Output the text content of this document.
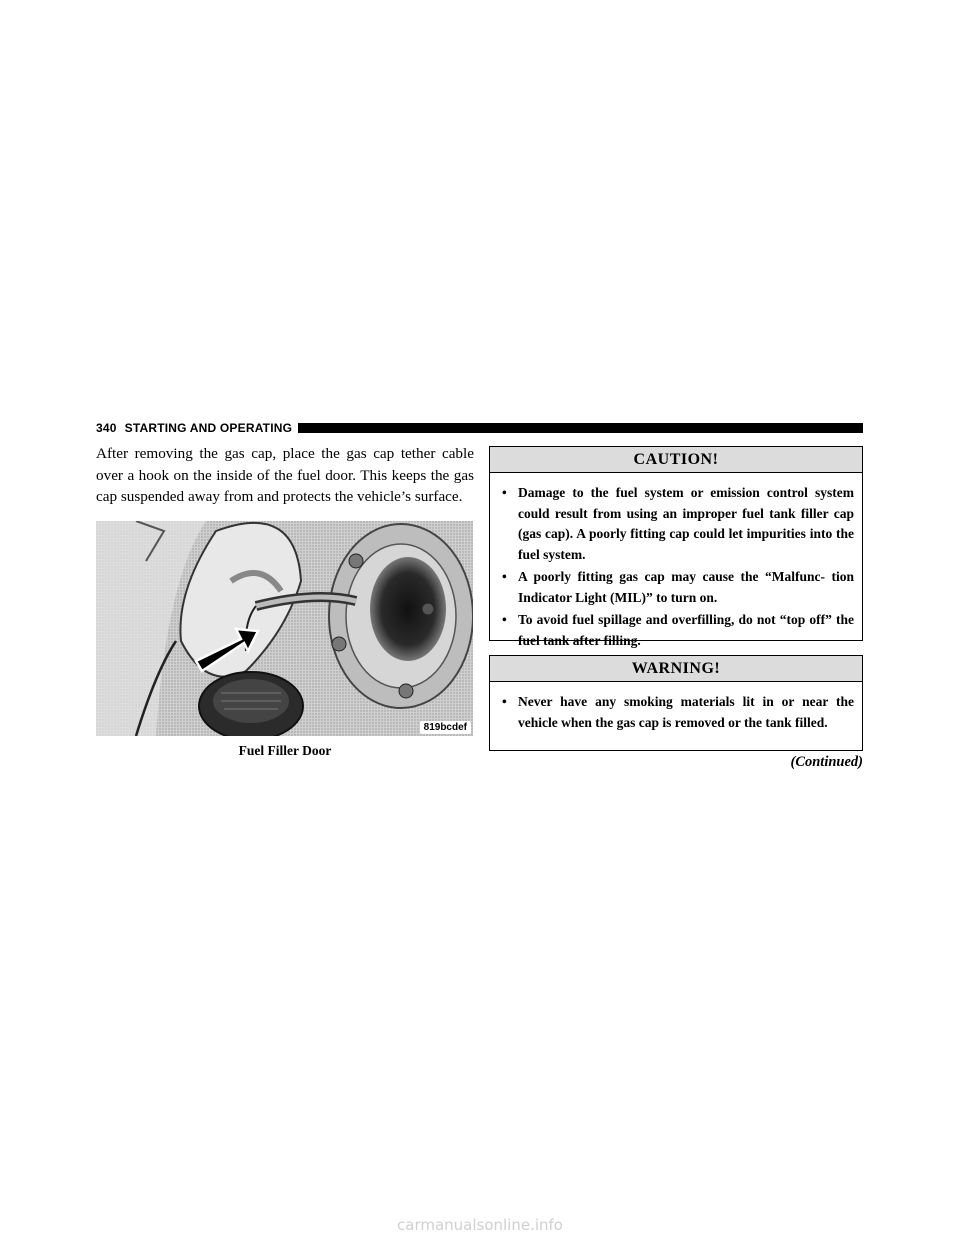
340 STARTING AND OPERATING

After removing the gas cap, place the gas cap tether cable over a hook on the inside of the fuel door. This keeps the gas cap suspended away from and protects the vehicle’s surface.

819bcdef
Fuel Filler Door
CAUTION!
• Damage to the fuel system or emission control system could result from using an improper fuel tank filler cap (gas cap). A poorly fitting cap could let impurities into the fuel system.
• A poorly fitting gas cap may cause the “Malfunc- tion Indicator Light (MIL)” to turn on.
• To avoid fuel spillage and overfilling, do not “top off” the fuel tank after filling.
WARNING!
• Never have any smoking materials lit in or near the vehicle when the gas cap is removed or the tank filled.
(Continued)
carmanualsonline.info
